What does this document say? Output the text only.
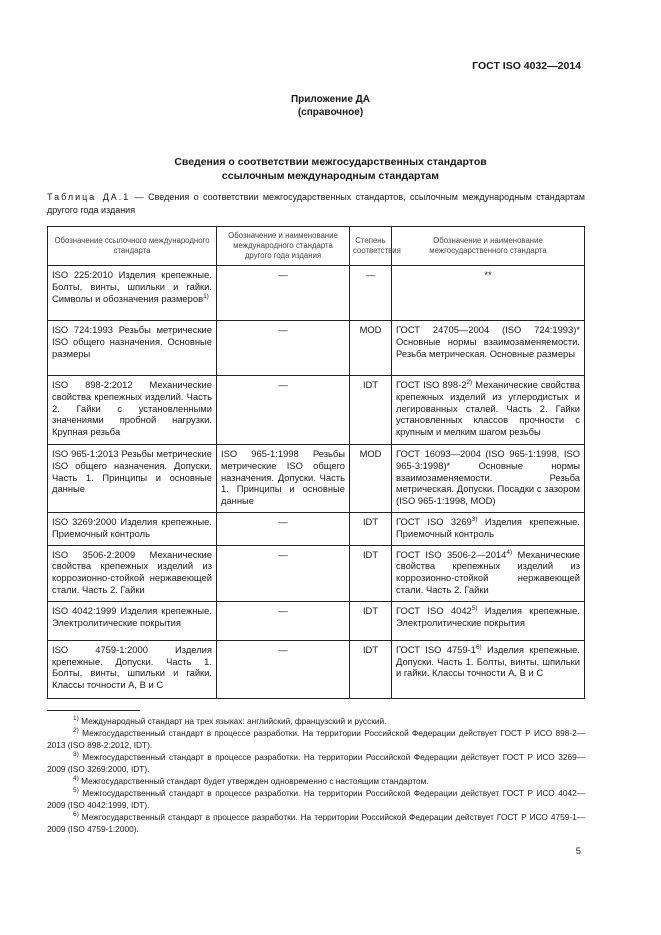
ГОСТ ISO 4032—2014
Приложение ДА
(справочное)
Сведения о соответствии межгосударственных стандартов
ссылочным международным стандартам
Таблица ДА.1 — Сведения о соответствии межгосударственных стандартов, ссылочным международным стандартам другого года издания
Обозначение ссылочного международного стандарта	Обозначение и наименование международного стандарта другого года издания	Степень соответствия	Обозначение и наименование межгосударственного стандарта
ISO 225:2010 Изделия крепежные. Болты, винты, шпильки и гайки. Символы и обозначения размеров$^{1)}$	—	—	**
ISO 724:1993 Резьбы метрические ISO общего назначения. Основные размеры	—	MOD	ГОСТ 24705—2004 (ISO 724:1993)* Основные нормы взаимозаменяемости. Резьба метрическая. Основные размеры
ISO 898-2:2012 Механические свойства крепежных изделий. Часть 2. Гайки с установленными значениями пробной нагрузки. Крупная резьба	—	IDT	ГОСТ ISO 898-2$^{2)}$ Механические свойства крепежных изделий из углеродистых и легированных сталей. Часть 2. Гайки установленных классов прочности с крупным и мелким шагом резьбы
ISO 965-1:2013 Резьбы метрические ISO общего назначения. Допуски. Часть 1. Принципы и основные данные	ISO 965-1:1998 Резьбы метрические ISO общего назначения. Допуски. Часть 1. Принципы и основные данные	MOD	ГОСТ 16093—2004 (ISO 965-1:1998, ISO 965-3:1998)* Основные нормы взаимозаменяемости. Резьба метрическая. Допуски. Посадки с зазором (ISO 965-1:1998, MOD)
ISO 3269:2000 Изделия крепежные. Приемочный контроль	—	IDT	ГОСТ ISO 3269$^{3)}$ Изделия крепежные. Приемочный контроль
ISO 3506-2:2009 Механические свойства крепежных изделий из коррозионно-стойкой нержавеющей стали. Часть 2. Гайки	—	IDT	ГОСТ ISO 3506-2—2014$^{4)}$ Механические свойства крепежных изделий из коррозионно-стойкой нержавеющей стали. Часть 2. Гайки
ISO 4042:1999 Изделия крепежные. Электролитические покрытия	—	IDT	ГОСТ ISO 4042$^{5)}$ Изделия крепежные. Электролитические покрытия
ISO 4759-1:2000 Изделия крепежные. Допуски. Часть 1. Болты, винты, шпильки и гайки. Классы точности A, B и C	—	IDT	ГОСТ ISO 4759-1$^{6)}$ Изделия крепежные. Допуски. Часть 1. Болты, винты, шпильки и гайки. Классы точности A, B и C

$^{1)}$ Международный стандарт на трех языках: английский, французский и русский.

$^{2)}$ Межгосударственный стандарт в процессе разработки. На территории Российской Федерации действует ГОСТ Р ИСО 898-2—2013 (ISO 898-2:2012, IDT).

$^{3)}$ Межгосударственный стандарт в процессе разработки. На территории Российской Федерации действует ГОСТ Р ИСО 3269—2009 (ISO 3269:2000, IDT).

$^{4)}$ Межгосударственный стандарт будет утвержден одновременно с настоящим стандартом.

$^{5)}$ Межгосударственный стандарт в процессе разработки. На территории Российской Федерации действует ГОСТ Р ИСО 4042—2009 (ISO 4042:1999, IDT).

$^{6)}$ Межгосударственный стандарт в процессе разработки. На территории Российской Федерации действует ГОСТ Р ИСО 4759-1—2009 (ISO 4759-1:2000).

5
